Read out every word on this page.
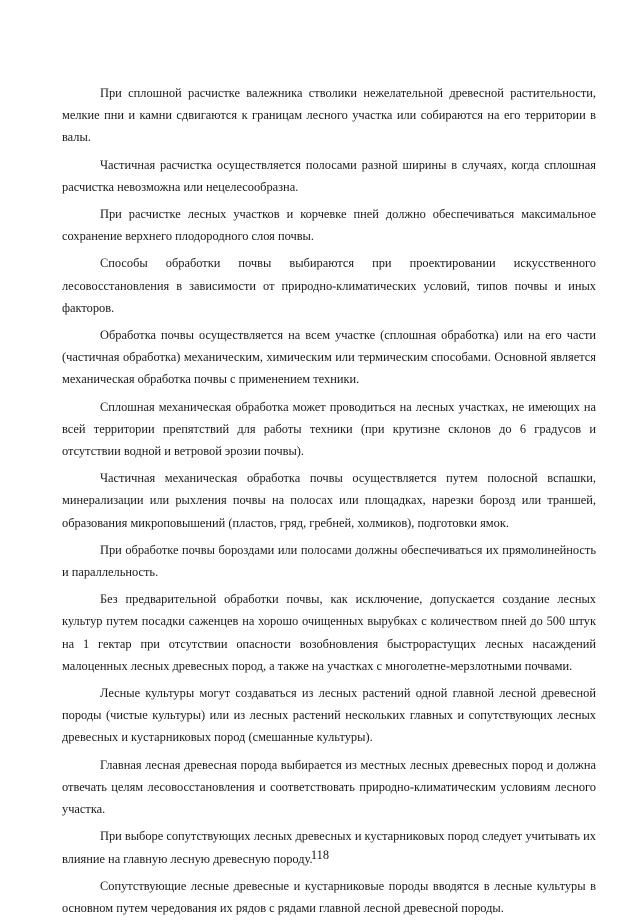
При сплошной расчистке валежника стволики нежелательной древесной растительности, мелкие пни и камни сдвигаются к границам лесного участка или собираются на его территории в валы.

Частичная расчистка осуществляется полосами разной ширины в случаях, когда сплошная расчистка невозможна или нецелесообразна.

При расчистке лесных участков и корчевке пней должно обеспечиваться максимальное сохранение верхнего плодородного слоя почвы.

Способы обработки почвы выбираются при проектировании искусственного лесовосстановления в зависимости от природно-климатических условий, типов почвы и иных факторов.

Обработка почвы осуществляется на всем участке (сплошная обработка) или на его части (частичная обработка) механическим, химическим или термическим способами. Основной является механическая обработка почвы с применением техники.

Сплошная механическая обработка может проводиться на лесных участках, не имеющих на всей территории препятствий для работы техники (при крутизне склонов до 6 градусов и отсутствии водной и ветровой эрозии почвы).

Частичная механическая обработка почвы осуществляется путем полосной вспашки, минерализации или рыхления почвы на полосах или площадках, нарезки борозд или траншей, образования микроповышений (пластов, гряд, гребней, холмиков), подготовки ямок.

При обработке почвы бороздами или полосами должны обеспечиваться их прямолинейность и параллельность.

Без предварительной обработки почвы, как исключение, допускается создание лесных культур путем посадки саженцев на хорошо очищенных вырубках с количеством пней до 500 штук на 1 гектар при отсутствии опасности возобновления быстрорастущих лесных насаждений малоценных лесных древесных пород, а также на участках с многолетне-мерзлотными почвами.

Лесные культуры могут создаваться из лесных растений одной главной лесной древесной породы (чистые культуры) или из лесных растений нескольких главных и сопутствующих лесных древесных и кустарниковых пород (смешанные культуры).

Главная лесная древесная порода выбирается из местных лесных древесных пород и должна отвечать целям лесовосстановления и соответствовать природно-климатическим условиям лесного участка.

При выборе сопутствующих лесных древесных и кустарниковых пород следует учитывать их влияние на главную лесную древесную породу.

Сопутствующие лесные древесные и кустарниковые породы вводятся в лесные культуры в основном путем чередования их рядов с рядами главной лесной древесной породы.

118
